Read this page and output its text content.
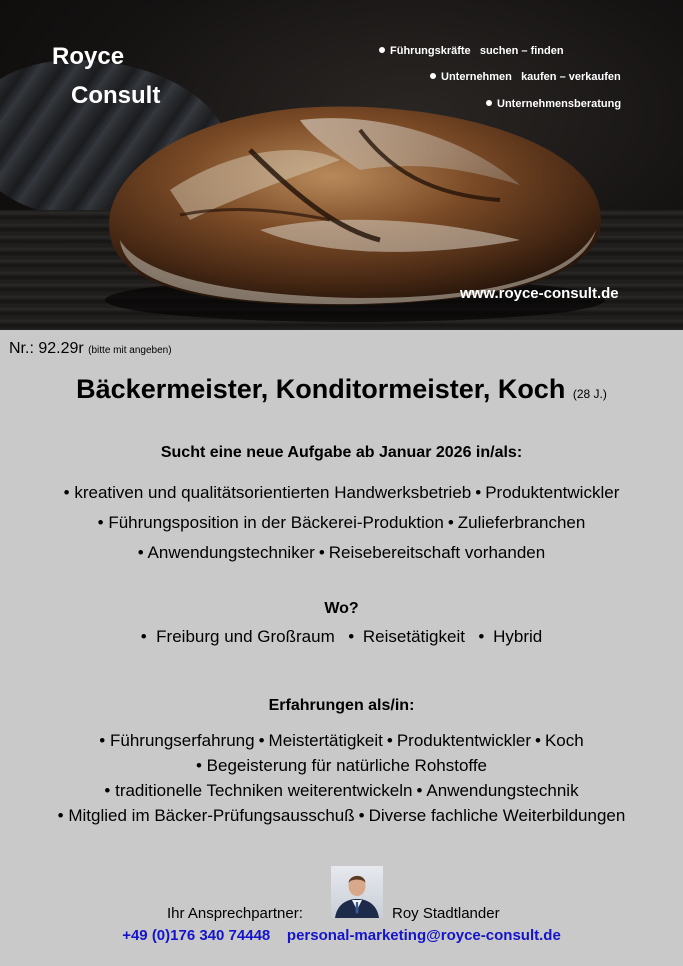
Royce
Consult
Führungskräfte   suchen – finden
Unternehmen   kaufen – verkaufen
Unternehmensberatung
www.royce-consult.de
Nr.: 92.29r (bitte mit angeben)
Bäckermeister, Konditormeister, Koch (28 J.)
Sucht eine neue Aufgabe ab Januar 2026 in/als:
• kreativen und qualitätsorientierten Handwerksbetrieb • Produktentwickler
• Führungsposition in der Bäckerei-Produktion • Zulieferbranchen
• Anwendungstechniker • Reisebereitschaft vorhanden
Wo?
•  Freiburg und Großraum • Reisetätigkeit • Hybrid
Erfahrungen als/in:
• Führungserfahrung • Meistertätigkeit • Produktentwickler • Koch
• Begeisterung für natürliche Rohstoffe
• traditionelle Techniken weiterentwickeln • Anwendungstechnik
• Mitglied im Bäcker-Prüfungsausschuß • Diverse fachliche Weiterbildungen
Ihr Ansprechpartner:	Roy Stadtlander
+49 (0)176 340 74448 personal-marketing@royce-consult.de
